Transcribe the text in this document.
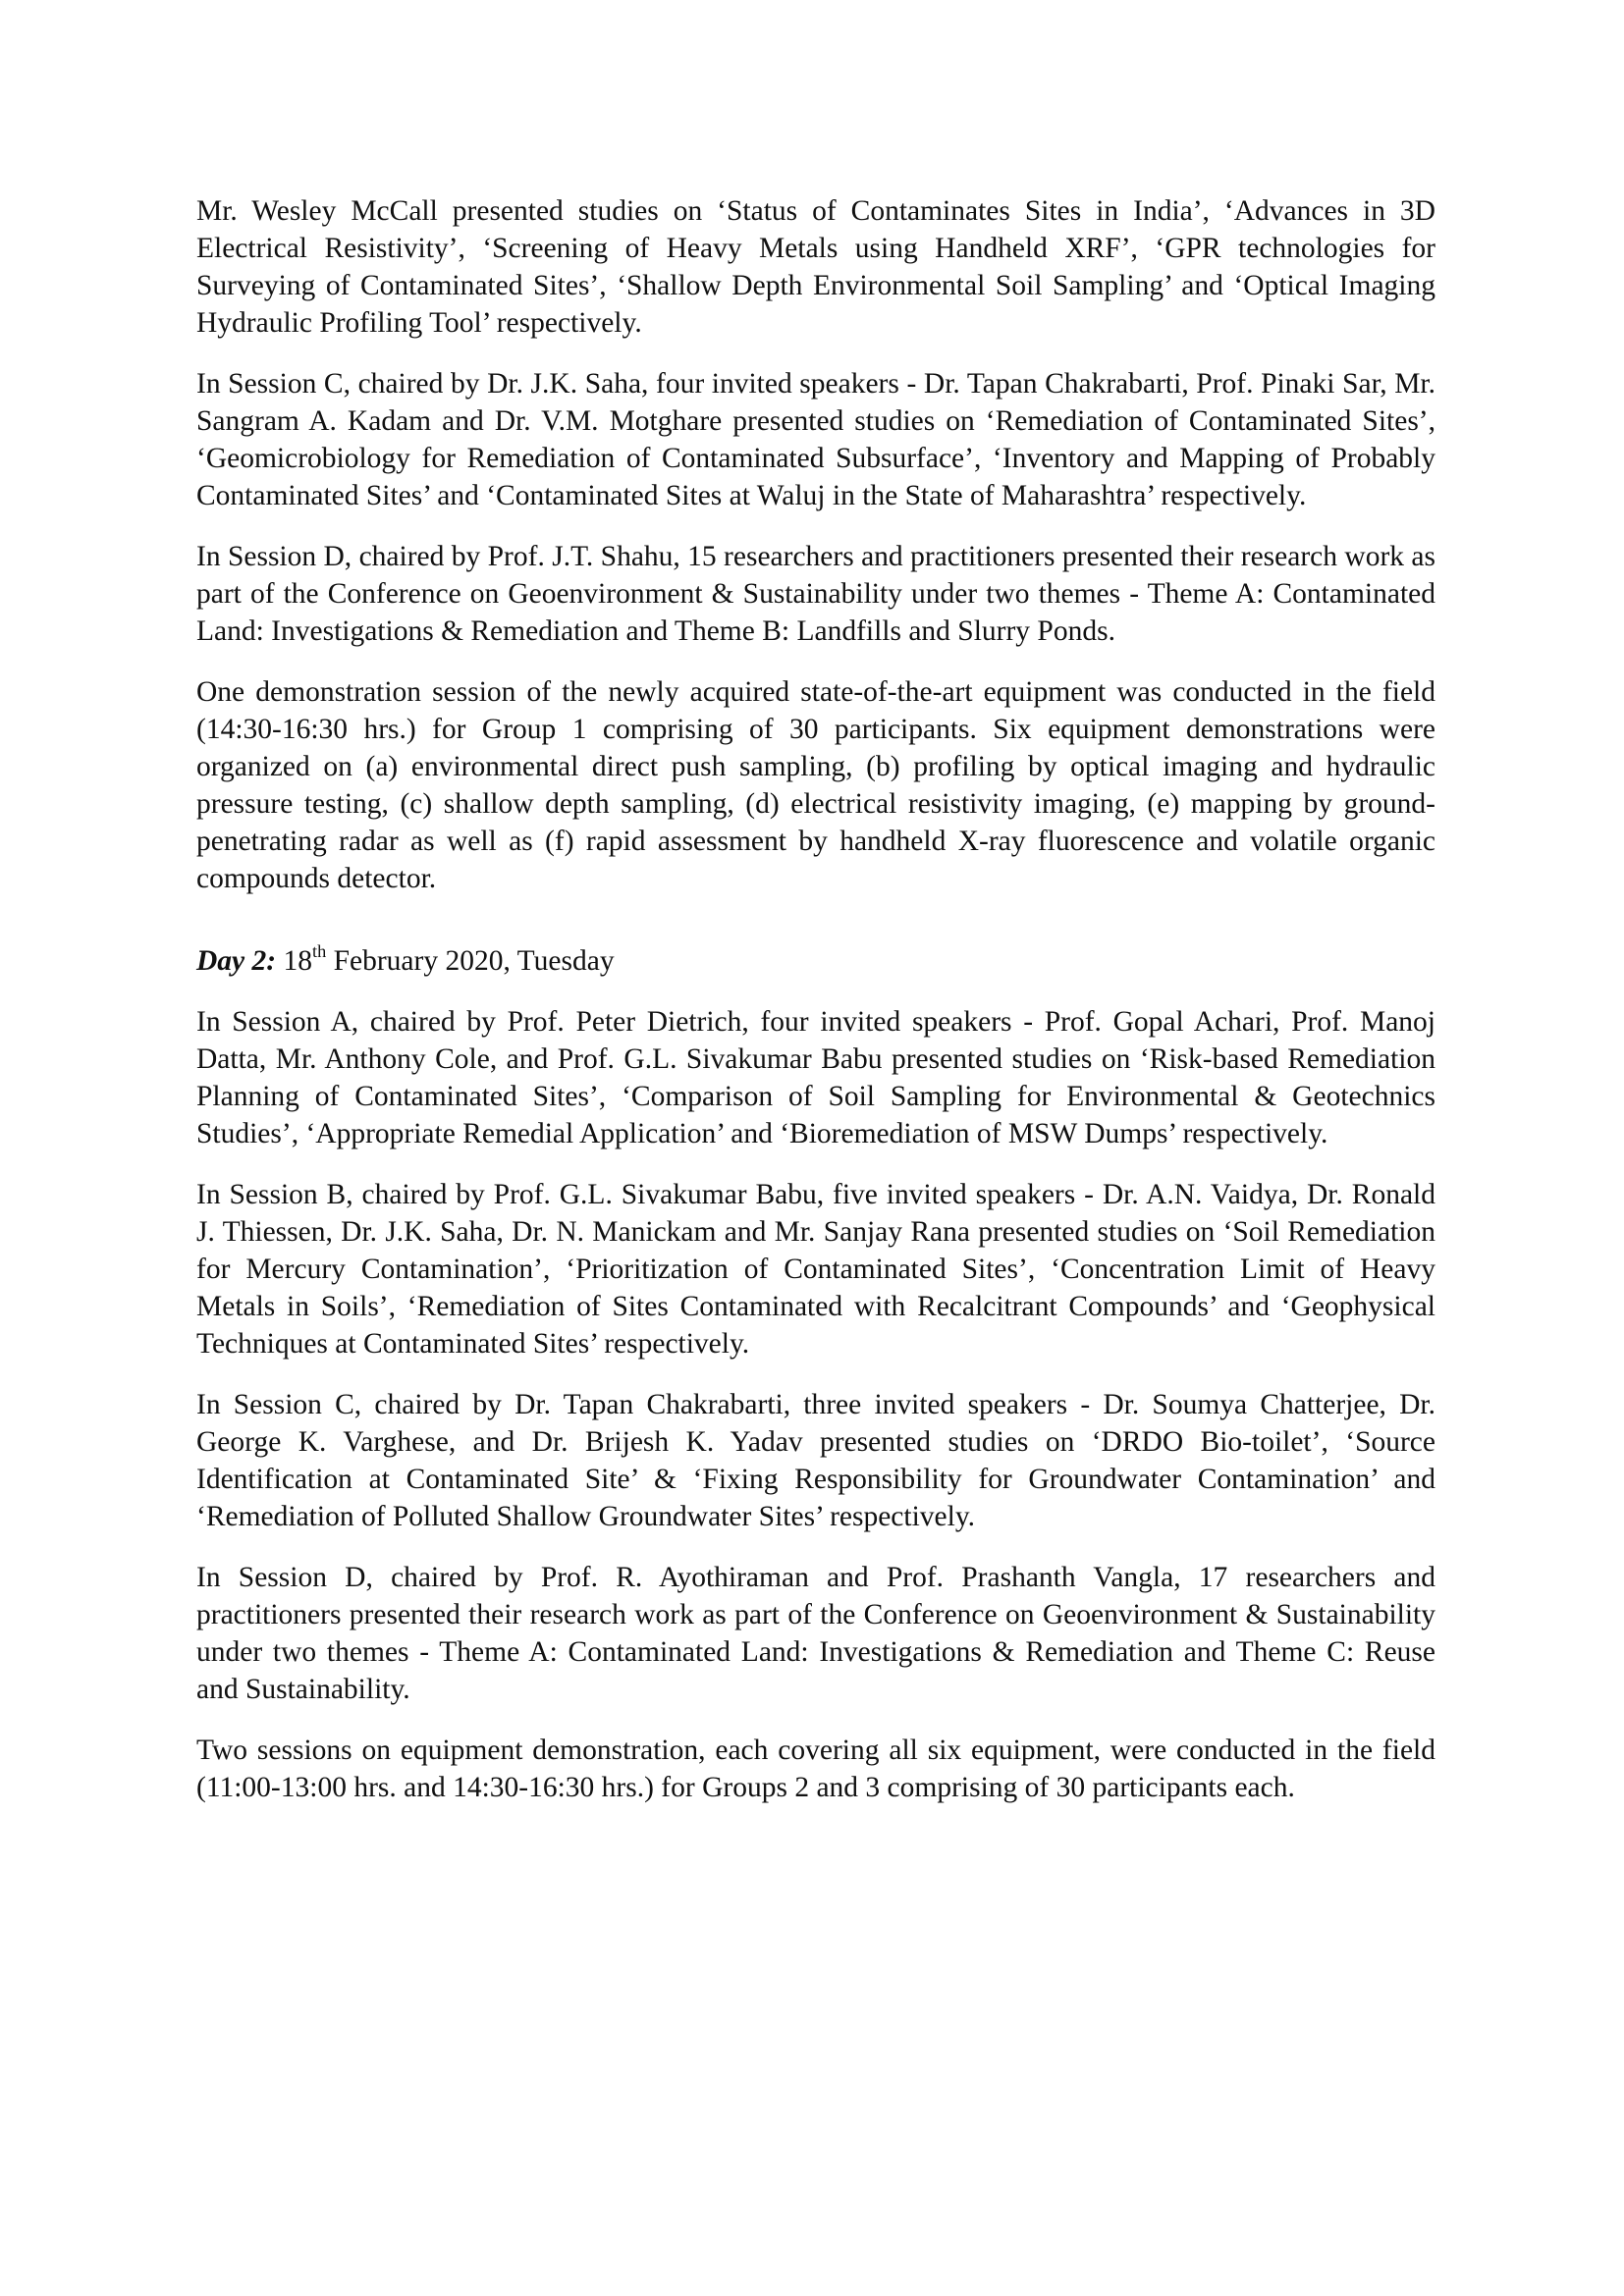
Mr. Wesley McCall presented studies on ‘Status of Contaminates Sites in India’, ‘Advances in 3D Electrical Resistivity’, ‘Screening of Heavy Metals using Handheld XRF’, ‘GPR technologies for Surveying of Contaminated Sites’, ‘Shallow Depth Environmental Soil Sampling’ and ‘Optical Imaging Hydraulic Profiling Tool’ respectively.

In Session C, chaired by Dr. J.K. Saha, four invited speakers - Dr. Tapan Chakrabarti, Prof. Pinaki Sar, Mr. Sangram A. Kadam and Dr. V.M. Motghare presented studies on ‘Remediation of Contaminated Sites’, ‘Geomicrobiology for Remediation of Contaminated Subsurface’, ‘Inventory and Mapping of Probably Contaminated Sites’ and ‘Contaminated Sites at Waluj in the State of Maharashtra’ respectively.

In Session D, chaired by Prof. J.T. Shahu, 15 researchers and practitioners presented their research work as part of the Conference on Geoenvironment & Sustainability under two themes - Theme A: Contaminated Land: Investigations & Remediation and Theme B: Landfills and Slurry Ponds.

One demonstration session of the newly acquired state-of-the-art equipment was conducted in the field (14:30-16:30 hrs.) for Group 1 comprising of 30 participants. Six equipment demonstrations were organized on (a) environmental direct push sampling, (b) profiling by optical imaging and hydraulic pressure testing, (c) shallow depth sampling, (d) electrical resistivity imaging, (e) mapping by ground-penetrating radar as well as (f) rapid assessment by handheld X-ray fluorescence and volatile organic compounds detector.

Day 2: 18th February 2020, Tuesday

In Session A, chaired by Prof. Peter Dietrich, four invited speakers - Prof. Gopal Achari, Prof. Manoj Datta, Mr. Anthony Cole, and Prof. G.L. Sivakumar Babu presented studies on ‘Risk-based Remediation Planning of Contaminated Sites’, ‘Comparison of Soil Sampling for Environmental & Geotechnics Studies’, ‘Appropriate Remedial Application’ and ‘Bioremediation of MSW Dumps’ respectively.

In Session B, chaired by Prof. G.L. Sivakumar Babu, five invited speakers - Dr. A.N. Vaidya, Dr. Ronald J. Thiessen, Dr. J.K. Saha, Dr. N. Manickam and Mr. Sanjay Rana presented studies on ‘Soil Remediation for Mercury Contamination’, ‘Prioritization of Contaminated Sites’, ‘Concentration Limit of Heavy Metals in Soils’, ‘Remediation of Sites Contaminated with Recalcitrant Compounds’ and ‘Geophysical Techniques at Contaminated Sites’ respectively.

In Session C, chaired by Dr. Tapan Chakrabarti, three invited speakers - Dr. Soumya Chatterjee, Dr. George K. Varghese, and Dr. Brijesh K. Yadav presented studies on ‘DRDO Bio-toilet’, ‘Source Identification at Contaminated Site’ & ‘Fixing Responsibility for Groundwater Contamination’ and ‘Remediation of Polluted Shallow Groundwater Sites’ respectively.

In Session D, chaired by Prof. R. Ayothiraman and Prof. Prashanth Vangla, 17 researchers and practitioners presented their research work as part of the Conference on Geoenvironment & Sustainability under two themes - Theme A: Contaminated Land: Investigations & Remediation and Theme C: Reuse and Sustainability.

Two sessions on equipment demonstration, each covering all six equipment, were conducted in the field (11:00-13:00 hrs. and 14:30-16:30 hrs.) for Groups 2 and 3 comprising of 30 participants each.
